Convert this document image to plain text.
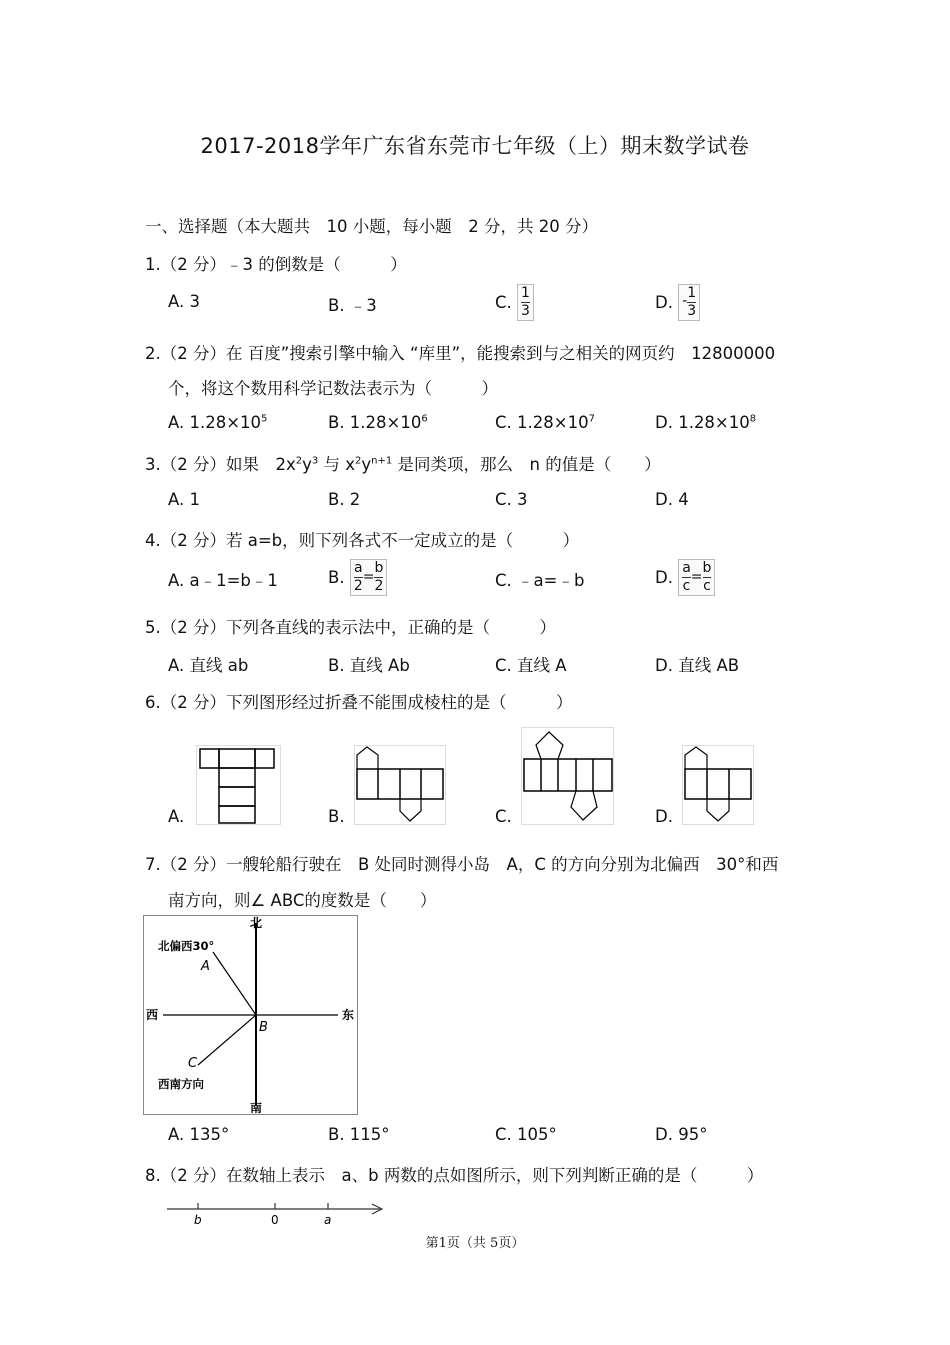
2017-2018学年广东省东莞市七年级（上）期末数学试卷
一、选择题（本大题共　10 小题，每小题　2 分，共 20 分）
1.（2 分）﹣3 的倒数是（　　　）
A. 3	B. ﹣3	C. $\frac{1}{3}$	D. - $\frac{1}{3}$
2.（2 分）在 百度”搜索引擎中输入 “库里”，能搜索到与之相关的网页约　12800000
个，将这个数用科学记数法表示为（　　　）
A. $1.28\times 10^5$	B. $1.28\times 10^6$	C. $1.28\times 10^7$	D. $1.28\times 10^8$
3.（2 分）如果　$2x^2y^3$ 与 $x^2y^{n+1}$ 是同类项，那么　n 的值是（　　）
A. 1	B. 2	C. 3	D. 4
4.（2 分）若 a=b，则下列各式不一定成立的是（　　　）
A. a﹣1=b﹣1	B. $\frac{a}{2} = \frac{b}{2}$	C. ﹣a=﹣b	D. $\frac{a}{c} = \frac{b}{c}$
5.（2 分）下列各直线的表示法中，正确的是（　　　）
A. 直线 ab	B. 直线 Ab	C. 直线 A	D. 直线 AB
6.（2 分）下列图形经过折叠不能围成棱柱的是（　　　）
A.	B.	C.	D.
7.（2 分）一艘轮船行驶在　B 处同时测得小岛　A，C 的方向分别为北偏西　30°和西
南方向，则∠ ABC的度数是（　　）
北
南
西	东
北偏西30°
西南方向
A
B
C
A. 135°	B. 115°	C. 105°	D. 95°
8.（2 分）在数轴上表示　a、b 两数的点如图所示，则下列判断正确的是（　　　）
b	0	a
第1页（共 5页）
